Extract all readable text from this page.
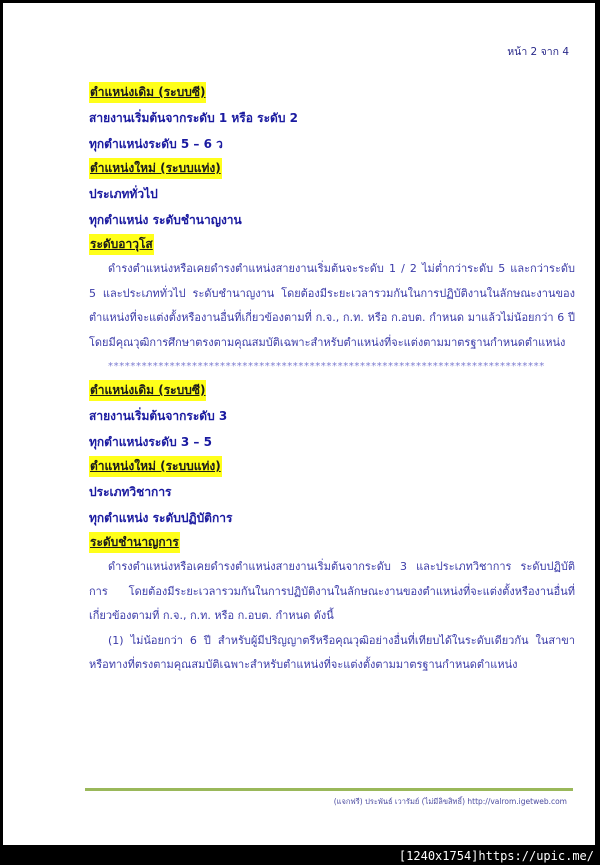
หน้า 2 จาก 4
ตำแหน่งเดิม (ระบบซี)
สายงานเริ่มต้นจากระดับ 1 หรือ ระดับ 2
ทุกตำแหน่งระดับ 5 – 6 ว
ตำแหน่งใหม่ (ระบบแท่ง)
ประเภททั่วไป
ทุกตำแหน่ง ระดับชำนาญงาน
ระดับอาวุโส

ดำรงตำแหน่งหรือเคยดำรงตำแหน่งสายงานเริ่มต้นจะระดับ 1 / 2 ไม่ต่ำกว่าระดับ 5 และกว่าระดับ 5 และประเภททั่วไป ระดับชำนาญงาน โดยต้องมีระยะเวลารวมกันในการปฏิบัติงานในลักษณะงานของตำแหน่งที่จะแต่งตั้งหรืองานอื่นที่เกี่ยวข้องตามที่ ก.จ., ก.ท. หรือ ก.อบต. กำหนด มาแล้วไม่น้อยกว่า 6 ปี โดยมีคุณวุฒิการศึกษาตรงตามคุณสมบัติเฉพาะสำหรับตำแหน่งที่จะแต่งตามมาตรฐานกำหนดตำแหน่ง

******************************************************************************
ตำแหน่งเดิม (ระบบซี)
สายงานเริ่มต้นจากระดับ 3
ทุกตำแหน่งระดับ 3 – 5
ตำแหน่งใหม่ (ระบบแท่ง)
ประเภทวิชาการ
ทุกตำแหน่ง ระดับปฏิบัติการ
ระดับชำนาญการ

ดำรงตำแหน่งหรือเคยดำรงตำแหน่งสายงานเริ่มต้นจากระดับ 3 และประเภทวิชาการ ระดับปฏิบัติการ โดยต้องมีระยะเวลารวมกันในการปฏิบัติงานในลักษณะงานของตำแหน่งที่จะแต่งตั้งหรืองานอื่นที่เกี่ยวข้องตามที่ ก.จ., ก.ท. หรือ ก.อบต. กำหนด ดังนี้

(1) ไม่น้อยกว่า 6 ปี สำหรับผู้มีปริญญาตรีหรือคุณวุฒิอย่างอื่นที่เทียบได้ในระดับเดียวกัน ในสาขาหรือทางที่ตรงตามคุณสมบัติเฉพาะสำหรับตำแหน่งที่จะแต่งตั้งตามมาตรฐานกำหนดตำแหน่ง

(แจกฟรี) ประพันธ์ เวารัมย์ (ไม่มีลิขสิทธิ์) http://valrom.igetweb.com
[1240x1754]https://upic.me/
